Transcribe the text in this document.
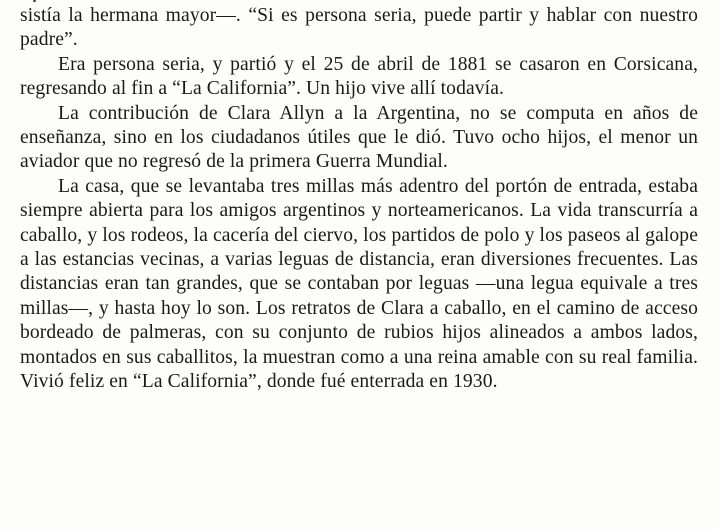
sistía la hermana mayor—. “Si es persona seria, puede partir y hablar con nuestro padre”.

Era persona seria, y partió y el 25 de abril de 1881 se casaron en Corsicana, regresando al fin a “La California”. Un hijo vive allí todavía.

La contribución de Clara Allyn a la Argentina, no se computa en años de enseñanza, sino en los ciudadanos útiles que le dió. Tuvo ocho hijos, el menor un aviador que no regresó de la primera Guerra Mundial.

La casa, que se levantaba tres millas más adentro del portón de entrada, estaba siempre abierta para los amigos argentinos y norteamericanos. La vida transcurría a caballo, y los rodeos, la cacería del ciervo, los partidos de polo y los paseos al galope a las estancias vecinas, a varias leguas de distancia, eran diversiones frecuentes. Las distancias eran tan grandes, que se contaban por leguas —una legua equivale a tres millas—, y hasta hoy lo son. Los retratos de Clara a caballo, en el camino de acceso bordeado de palmeras, con su conjunto de rubios hijos alineados a ambos lados, montados en sus caballitos, la muestran como a una reina amable con su real familia. Vivió feliz en “La California”, donde fué enterrada en 1930.
